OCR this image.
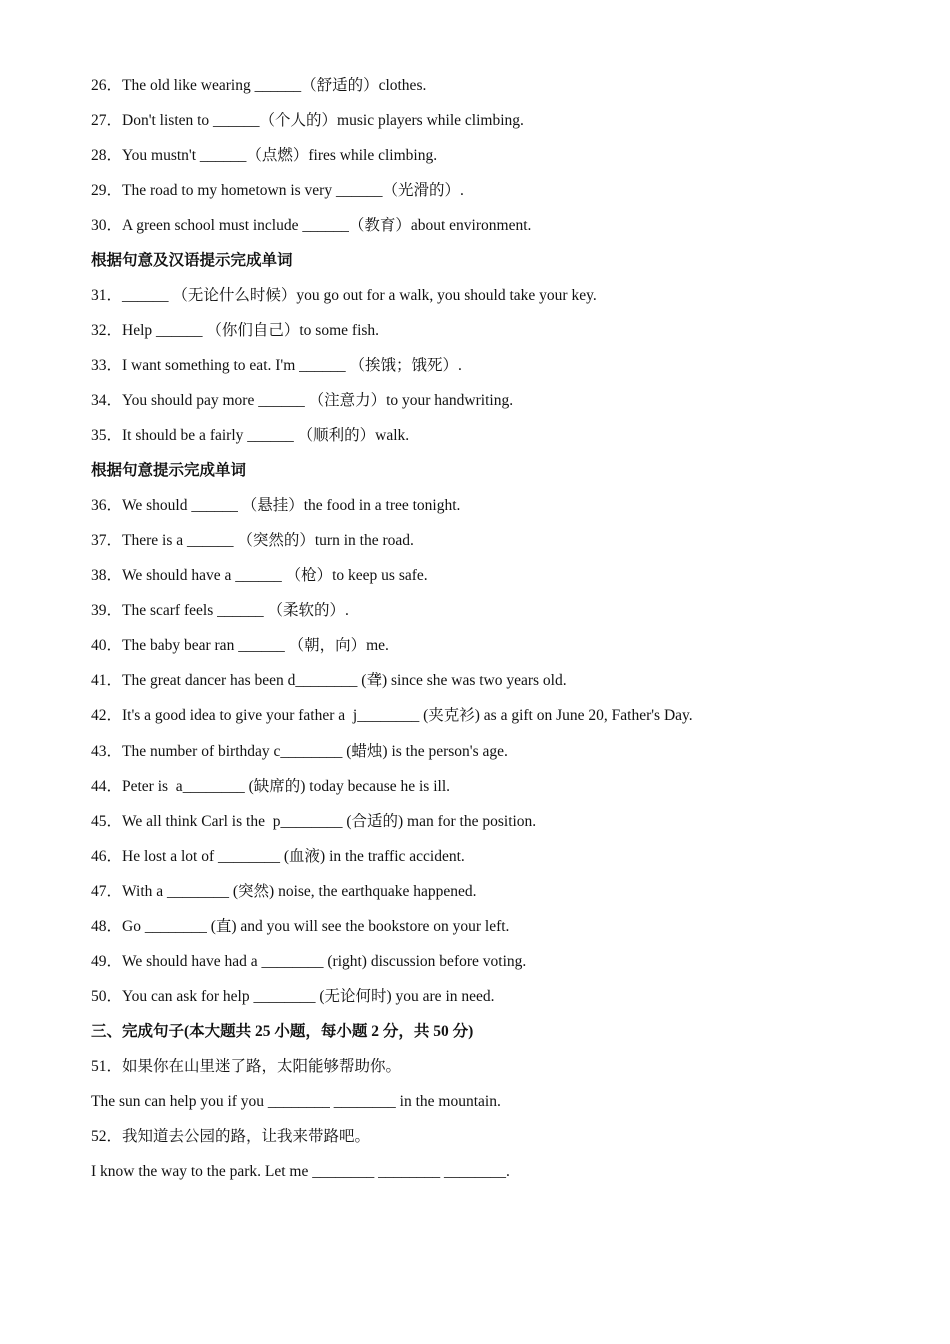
26．The old like wearing ______（舒适的）clothes.
27．Don't listen to ______（个人的）music players while climbing.
28．You mustn't ______（点燃）fires while climbing.
29．The road to my hometown is very ______（光滑的）.
30．A green school must include ______（教育）about environment.
根据句意及汉语提示完成单词
31．______ （无论什么时候）you go out for a walk, you should take your key.
32．Help ______ （你们自己）to some fish.
33．I want something to eat. I'm ______ （挨饿；饿死）.
34．You should pay more ______ （注意力）to your handwriting.
35．It should be a fairly ______ （顺利的）walk.
根据句意提示完成单词
36．We should ______ （悬挂）the food in a tree tonight.
37．There is a ______ （突然的）turn in the road.
38．We should have a ______ （枪）to keep us safe.
39．The scarf feels ______ （柔软的）.
40．The baby bear ran ______ （朝，向）me.
41．The great dancer has been d________ (聋) since she was two years old.
42．It's a good idea to give your father a  j________ (夹克衫) as a gift on June 20, Father's Day.
43．The number of birthday c________ (蜡烛) is the person's age.
44．Peter is  a________ (缺席的) today because he is ill.
45．We all think Carl is the  p________ (合适的) man for the position.
46．He lost a lot of ________ (血液) in the traffic accident.
47．With a ________ (突然) noise, the earthquake happened.
48．Go ________ (直) and you will see the bookstore on your left.
49．We should have had a ________ (right) discussion before voting.
50．You can ask for help ________ (无论何时) you are in need.
三、完成句子(本大题共 25 小题，每小题 2 分，共 50 分)
51．如果你在山里迷了路，太阳能够帮助你。
The sun can help you if you ________ ________ in the mountain.
52．我知道去公园的路，让我来带路吧。
I know the way to the park. Let me ________ ________ ________.
